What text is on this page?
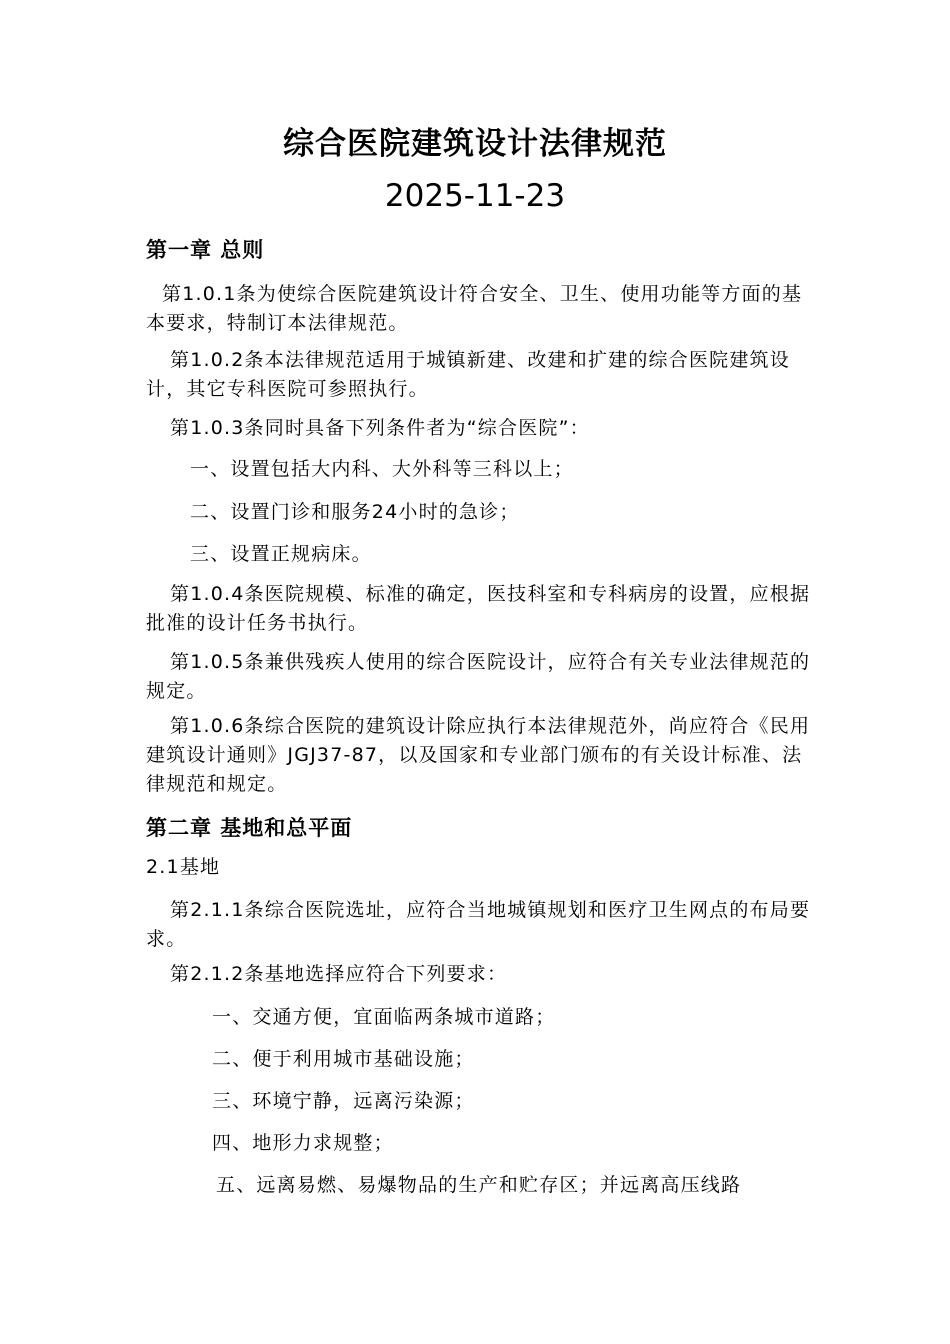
综合医院建筑设计法律规范
2025-11-23
第一章 总则
第1.0.1条为使综合医院建筑设计符合安全、卫生、使用功能等方面的基本要求，特制订本法律规范。
第1.0.2条本法律规范适用于城镇新建、改建和扩建的综合医院建筑设计，其它专科医院可参照执行。
第1.0.3条同时具备下列条件者为“综合医院”：
一、设置包括大内科、大外科等三科以上；
二、设置门诊和服务24小时的急诊；
三、设置正规病床。
第1.0.4条医院规模、标准的确定，医技科室和专科病房的设置，应根据批准的设计任务书执行。
第1.0.5条兼供残疾人使用的综合医院设计，应符合有关专业法律规范的规定。
第1.0.6条综合医院的建筑设计除应执行本法律规范外，尚应符合《民用建筑设计通则》JGJ37-87，以及国家和专业部门颁布的有关设计标准、法律规范和规定。
第二章 基地和总平面
2.1基地
第2.1.1条综合医院选址，应符合当地城镇规划和医疗卫生网点的布局要求。
第2.1.2条基地选择应符合下列要求：
一、交通方便，宜面临两条城市道路；
二、便于利用城市基础设施；
三、环境宁静，远离污染源；
四、地形力求规整；
五、远离易燃、易爆物品的生产和贮存区；并远离高压线路
